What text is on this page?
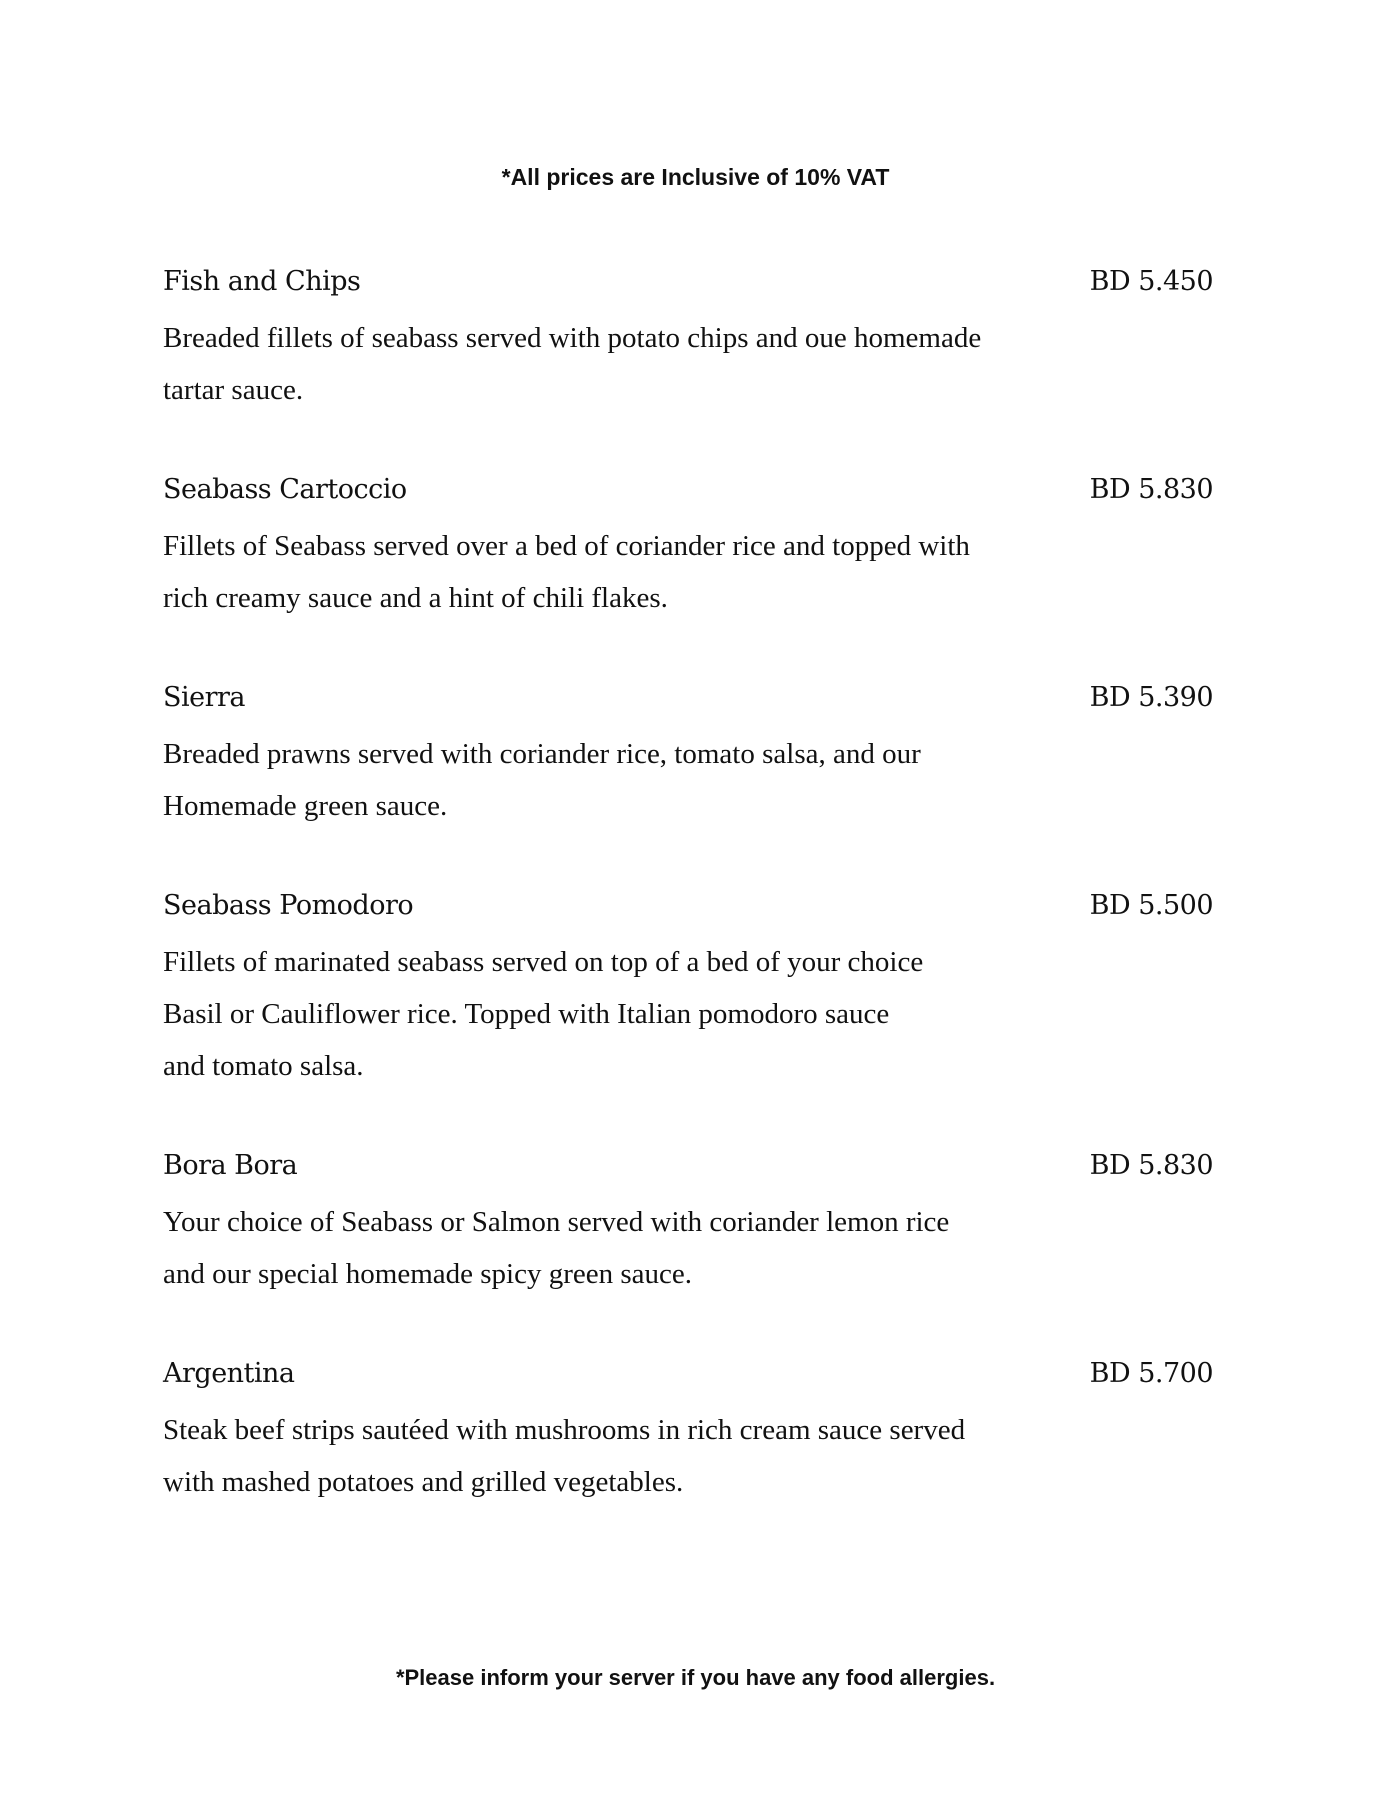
*All prices are Inclusive of 10% VAT
Fish and Chips	BD 5.450
Breaded fillets of seabass served with potato chips and oue homemade
tartar sauce.
Seabass Cartoccio	BD 5.830
Fillets of Seabass served over a bed of coriander rice and topped with
rich creamy sauce and a hint of chili flakes.
Sierra	BD 5.390
Breaded prawns served with coriander rice, tomato salsa, and our
Homemade green sauce.
Seabass Pomodoro	BD 5.500
Fillets of marinated seabass served on top of a bed of your choice
Basil or Cauliflower rice. Topped with Italian pomodoro sauce
and tomato salsa.
Bora Bora	BD 5.830
Your choice of Seabass or Salmon served with coriander lemon rice
and our special homemade spicy green sauce.
Argentina	BD 5.700
Steak beef strips sautéed with mushrooms in rich cream sauce served
with mashed potatoes and grilled vegetables.
*Please inform your server if you have any food allergies.
